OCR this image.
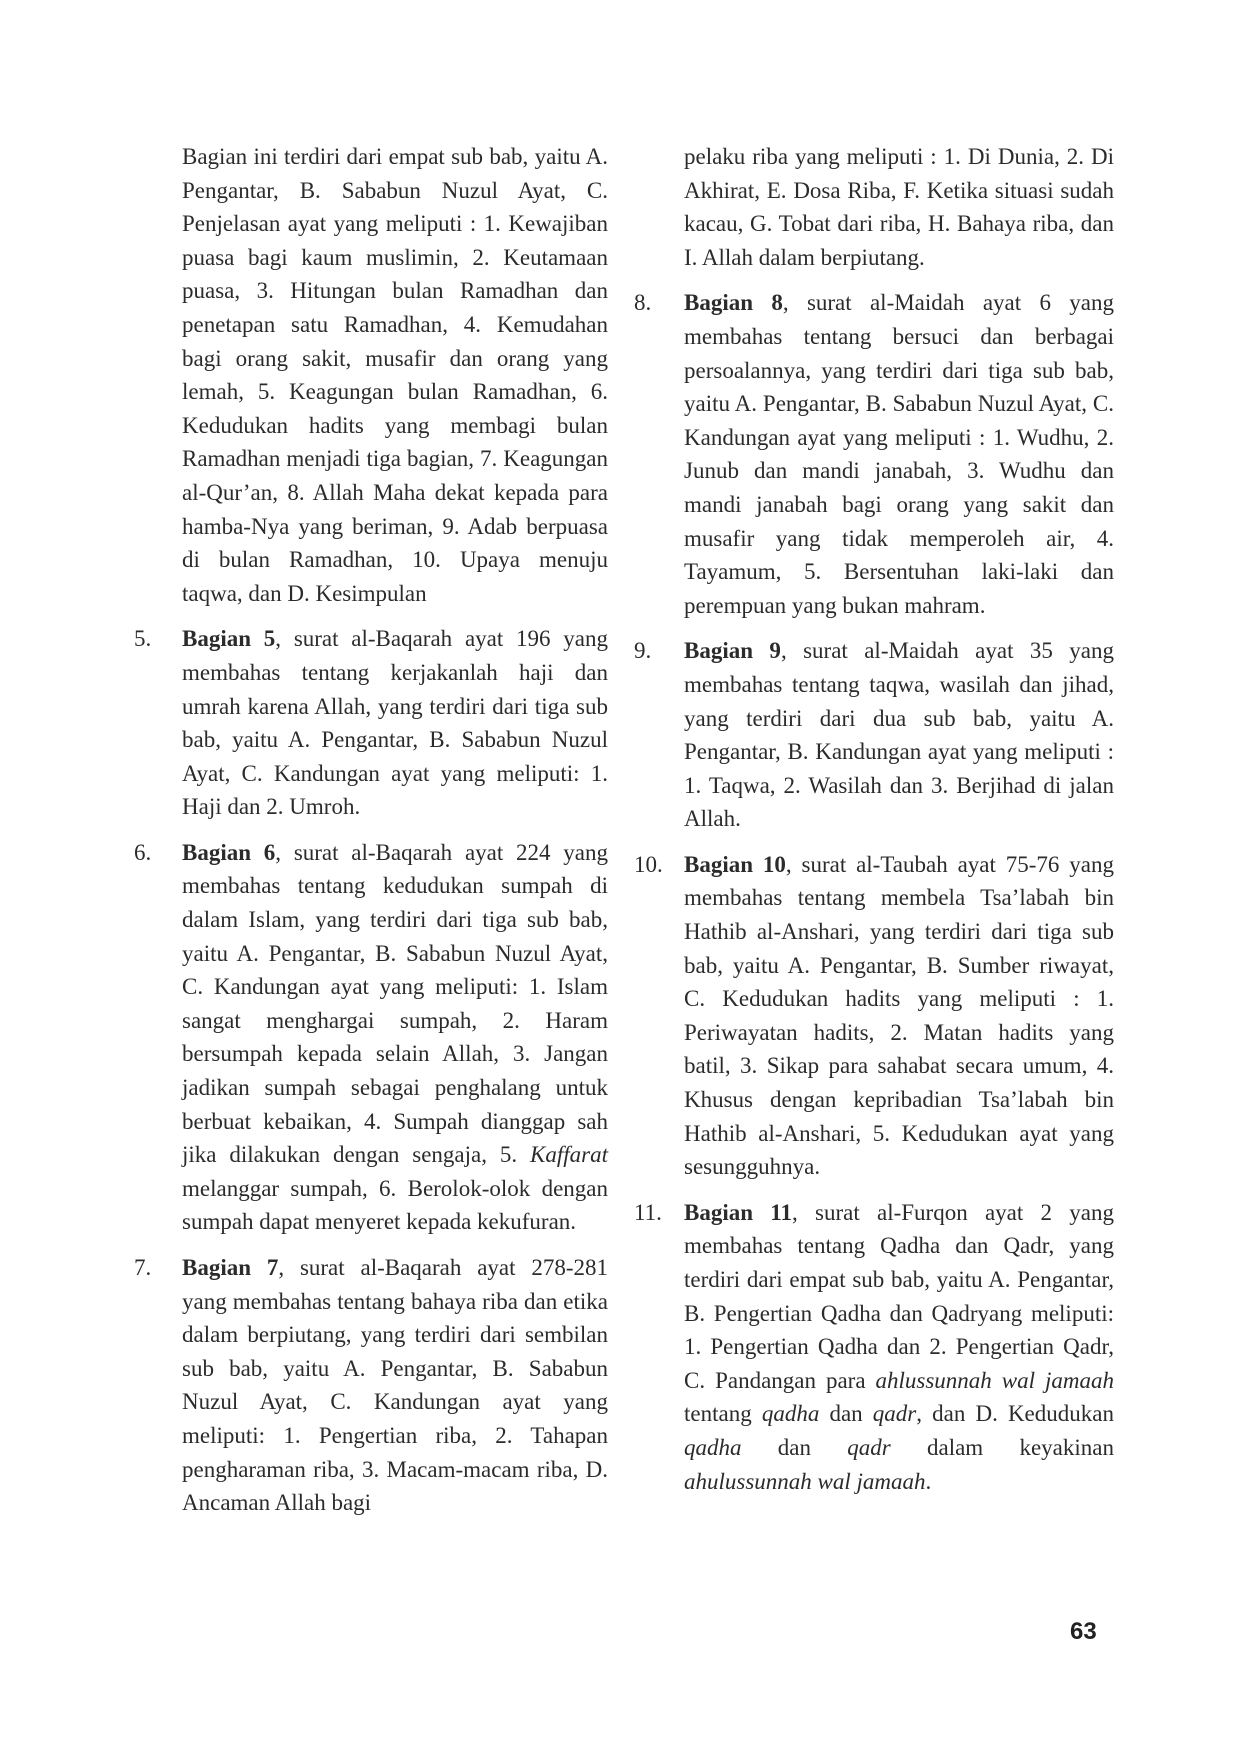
Bagian ini terdiri dari empat sub bab, yaitu A. Pengantar, B. Sababun Nuzul Ayat, C. Penjelasan ayat yang meliputi : 1. Kewajiban puasa bagi kaum muslimin, 2. Keutamaan puasa, 3. Hitungan bulan Ramadhan dan penetapan satu Ramadhan, 4. Kemudahan bagi orang sakit, musafir dan orang yang lemah, 5. Keagungan bulan Ramadhan, 6. Kedudukan hadits yang membagi bulan Ramadhan menjadi tiga bagian, 7. Keagungan al-Qur’an, 8. Allah Maha dekat kepada para hamba-Nya yang beriman, 9. Adab berpuasa di bulan Ramadhan, 10. Upaya menuju taqwa, dan D. Kesimpulan
5. Bagian 5, surat al-Baqarah ayat 196 yang membahas tentang kerjakanlah haji dan umrah karena Allah, yang terdiri dari tiga sub bab, yaitu A. Pengantar, B. Sababun Nuzul Ayat, C. Kandungan ayat yang meliputi: 1. Haji dan 2. Umroh.
6. Bagian 6, surat al-Baqarah ayat 224 yang membahas tentang kedudukan sumpah di dalam Islam, yang terdiri dari tiga sub bab, yaitu A. Pengantar, B. Sababun Nuzul Ayat, C. Kandungan ayat yang meliputi: 1. Islam sangat menghargai sumpah, 2. Haram bersumpah kepada selain Allah, 3. Jangan jadikan sumpah sebagai penghalang untuk berbuat kebaikan, 4. Sumpah dianggap sah jika dilakukan dengan sengaja, 5. Kaffarat melanggar sumpah, 6. Berolok-olok dengan sumpah dapat menyeret kepada kekufuran.
7. Bagian 7, surat al-Baqarah ayat 278-281 yang membahas tentang bahaya riba dan etika dalam berpiutang, yang terdiri dari sembilan sub bab, yaitu A. Pengantar, B. Sababun Nuzul Ayat, C. Kandungan ayat yang meliputi: 1. Pengertian riba, 2. Tahapan pengharaman riba, 3. Macam-macam riba, D. Ancaman Allah bagi
pelaku riba yang meliputi : 1. Di Dunia, 2. Di Akhirat, E. Dosa Riba, F. Ketika situasi sudah kacau, G. Tobat dari riba, H. Bahaya riba, dan I. Allah dalam berpiutang.
8. Bagian 8, surat al-Maidah ayat 6 yang membahas tentang bersuci dan berbagai persoalannya, yang terdiri dari tiga sub bab, yaitu A. Pengantar, B. Sababun Nuzul Ayat, C. Kandungan ayat yang meliputi : 1. Wudhu, 2. Junub dan mandi janabah, 3. Wudhu dan mandi janabah bagi orang yang sakit dan musafir yang tidak memperoleh air, 4. Tayamum, 5. Bersentuhan laki-laki dan perempuan yang bukan mahram.
9. Bagian 9, surat al-Maidah ayat 35 yang membahas tentang taqwa, wasilah dan jihad, yang terdiri dari dua sub bab, yaitu A. Pengantar, B. Kandungan ayat yang meliputi : 1. Taqwa, 2. Wasilah dan 3. Berjihad di jalan Allah.
10. Bagian 10, surat al-Taubah ayat 75-76 yang membahas tentang membela Tsa’labah bin Hathib al-Anshari, yang terdiri dari tiga sub bab, yaitu A. Pengantar, B. Sumber riwayat, C. Kedudukan hadits yang meliputi : 1. Periwayatan hadits, 2. Matan hadits yang batil, 3. Sikap para sahabat secara umum, 4. Khusus dengan kepribadian Tsa’labah bin Hathib al-Anshari, 5. Kedudukan ayat yang sesungguhnya.
11. Bagian 11, surat al-Furqon ayat 2 yang membahas tentang Qadha dan Qadr, yang terdiri dari empat sub bab, yaitu A. Pengantar, B. Pengertian Qadha dan Qadryang meliputi: 1. Pengertian Qadha dan 2. Pengertian Qadr, C. Pandangan para ahlussunnah wal jamaah tentang qadha dan qadr, dan D. Kedudukan qadha dan qadr dalam keyakinan ahulussunnah wal jamaah.
63
